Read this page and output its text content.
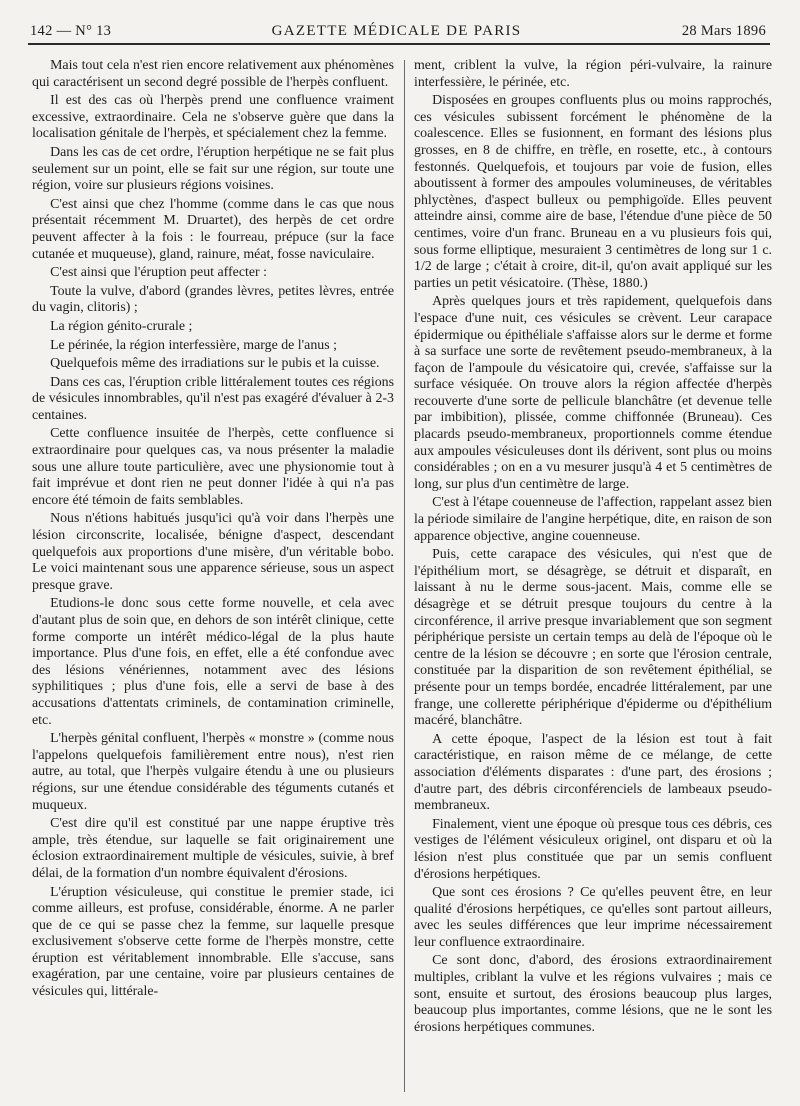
142 — N° 13	GAZETTE MÉDICALE DE PARIS	28 Mars 1896

Mais tout cela n'est rien encore relativement aux phénomènes qui caractérisent un second degré possible de l'herpès confluent.

Il est des cas où l'herpès prend une confluence vraiment excessive, extraordinaire. Cela ne s'observe guère que dans la localisation génitale de l'herpès, et spécialement chez la femme.

Dans les cas de cet ordre, l'éruption herpétique ne se fait plus seulement sur un point, elle se fait sur une région, sur toute une région, voire sur plusieurs régions voisines.

C'est ainsi que chez l'homme (comme dans le cas que nous présentait récemment M. Druartet), des herpès de cet ordre peuvent affecter à la fois : le fourreau, prépuce (sur la face cutanée et muqueuse), gland, rainure, méat, fosse naviculaire.

C'est ainsi que l'éruption peut affecter :

Toute la vulve, d'abord (grandes lèvres, petites lèvres, entrée du vagin, clitoris) ;

La région génito-crurale ;

Le périnée, la région interfessière, marge de l'anus ;

Quelquefois même des irradiations sur le pubis et la cuisse.

Dans ces cas, l'éruption crible littéralement toutes ces régions de vésicules innombrables, qu'il n'est pas exagéré d'évaluer à 2-3 centaines.

Cette confluence insuitée de l'herpès, cette confluence si extraordinaire pour quelques cas, va nous présenter la maladie sous une allure toute particulière, avec une physionomie tout à fait imprévue et dont rien ne peut donner l'idée à qui n'a pas encore été témoin de faits semblables.

Nous n'étions habitués jusqu'ici qu'à voir dans l'herpès une lésion circonscrite, localisée, bénigne d'aspect, descendant quelquefois aux proportions d'une misère, d'un véritable bobo. Le voici maintenant sous une apparence sérieuse, sous un aspect presque grave.

Etudions-le donc sous cette forme nouvelle, et cela avec d'autant plus de soin que, en dehors de son intérêt clinique, cette forme comporte un intérêt médico-légal de la plus haute importance. Plus d'une fois, en effet, elle a été confondue avec des lésions vénériennes, notamment avec des lésions syphilitiques ; plus d'une fois, elle a servi de base à des accusations d'attentats criminels, de contamination criminelle, etc.

L'herpès génital confluent, l'herpès « monstre » (comme nous l'appelons quelquefois familièrement entre nous), n'est rien autre, au total, que l'herpès vulgaire étendu à une ou plusieurs régions, sur une étendue considérable des téguments cutanés et muqueux.

C'est dire qu'il est constitué par une nappe éruptive très ample, très étendue, sur laquelle se fait originairement une éclosion extraordinairement multiple de vésicules, suivie, à bref délai, de la formation d'un nombre équivalent d'érosions.

L'éruption vésiculeuse, qui constitue le premier stade, ici comme ailleurs, est profuse, considérable, énorme. A ne parler que de ce qui se passe chez la femme, sur laquelle presque exclusivement s'observe cette forme de l'herpès monstre, cette éruption est véritablement innombrable. Elle s'accuse, sans exagération, par une centaine, voire par plusieurs centaines de vésicules qui, littérale-

ment, criblent la vulve, la région péri-vulvaire, la rainure interfessière, le périnée, etc.

Disposées en groupes confluents plus ou moins rapprochés, ces vésicules subissent forcément le phénomène de la coalescence. Elles se fusionnent, en formant des lésions plus grosses, en 8 de chiffre, en trèfle, en rosette, etc., à contours festonnés. Quelquefois, et toujours par voie de fusion, elles aboutissent à former des ampoules volumineuses, de véritables phlyctènes, d'aspect bulleux ou pemphigoïde. Elles peuvent atteindre ainsi, comme aire de base, l'étendue d'une pièce de 50 centimes, voire d'un franc. Bruneau en a vu plusieurs fois qui, sous forme elliptique, mesuraient 3 centimètres de long sur 1 c. 1/2 de large ; c'était à croire, dit-il, qu'on avait appliqué sur les parties un petit vésicatoire. (Thèse, 1880.)

Après quelques jours et très rapidement, quelquefois dans l'espace d'une nuit, ces vésicules se crèvent. Leur carapace épidermique ou épithéliale s'affaisse alors sur le derme et forme à sa surface une sorte de revêtement pseudo-membraneux, à la façon de l'ampoule du vésicatoire qui, crevée, s'affaisse sur la surface vésiquée. On trouve alors la région affectée d'herpès recouverte d'une sorte de pellicule blanchâtre (et devenue telle par imbibition), plissée, comme chiffonnée (Bruneau). Ces placards pseudo-membraneux, proportionnels comme étendue aux ampoules vésiculeuses dont ils dérivent, sont plus ou moins considérables ; on en a vu mesurer jusqu'à 4 et 5 centimètres de long, sur plus d'un centimètre de large.

C'est à l'étape couenneuse de l'affection, rappelant assez bien la période similaire de l'angine herpétique, dite, en raison de son apparence objective, angine couenneuse.

Puis, cette carapace des vésicules, qui n'est que de l'épithélium mort, se désagrège, se détruit et disparaît, en laissant à nu le derme sous-jacent. Mais, comme elle se désagrège et se détruit presque toujours du centre à la circonférence, il arrive presque invariablement que son segment périphérique persiste un certain temps au delà de l'époque où le centre de la lésion se découvre ; en sorte que l'érosion centrale, constituée par la disparition de son revêtement épithélial, se présente pour un temps bordée, encadrée littéralement, par une frange, une collerette périphérique d'épiderme ou d'épithélium macéré, blanchâtre.

A cette époque, l'aspect de la lésion est tout à fait caractéristique, en raison même de ce mélange, de cette association d'éléments disparates : d'une part, des érosions ; d'autre part, des débris circonférenciels de lambeaux pseudo-membraneux.

Finalement, vient une époque où presque tous ces débris, ces vestiges de l'élément vésiculeux originel, ont disparu et où la lésion n'est plus constituée que par un semis confluent d'érosions herpétiques.

Que sont ces érosions ? Ce qu'elles peuvent être, en leur qualité d'érosions herpétiques, ce qu'elles sont partout ailleurs, avec les seules différences que leur imprime nécessairement leur confluence extraordinaire.

Ce sont donc, d'abord, des érosions extraordinairement multiples, criblant la vulve et les régions vulvaires ; mais ce sont, ensuite et surtout, des érosions beaucoup plus larges, beaucoup plus importantes, comme lésions, que ne le sont les érosions herpétiques communes.
